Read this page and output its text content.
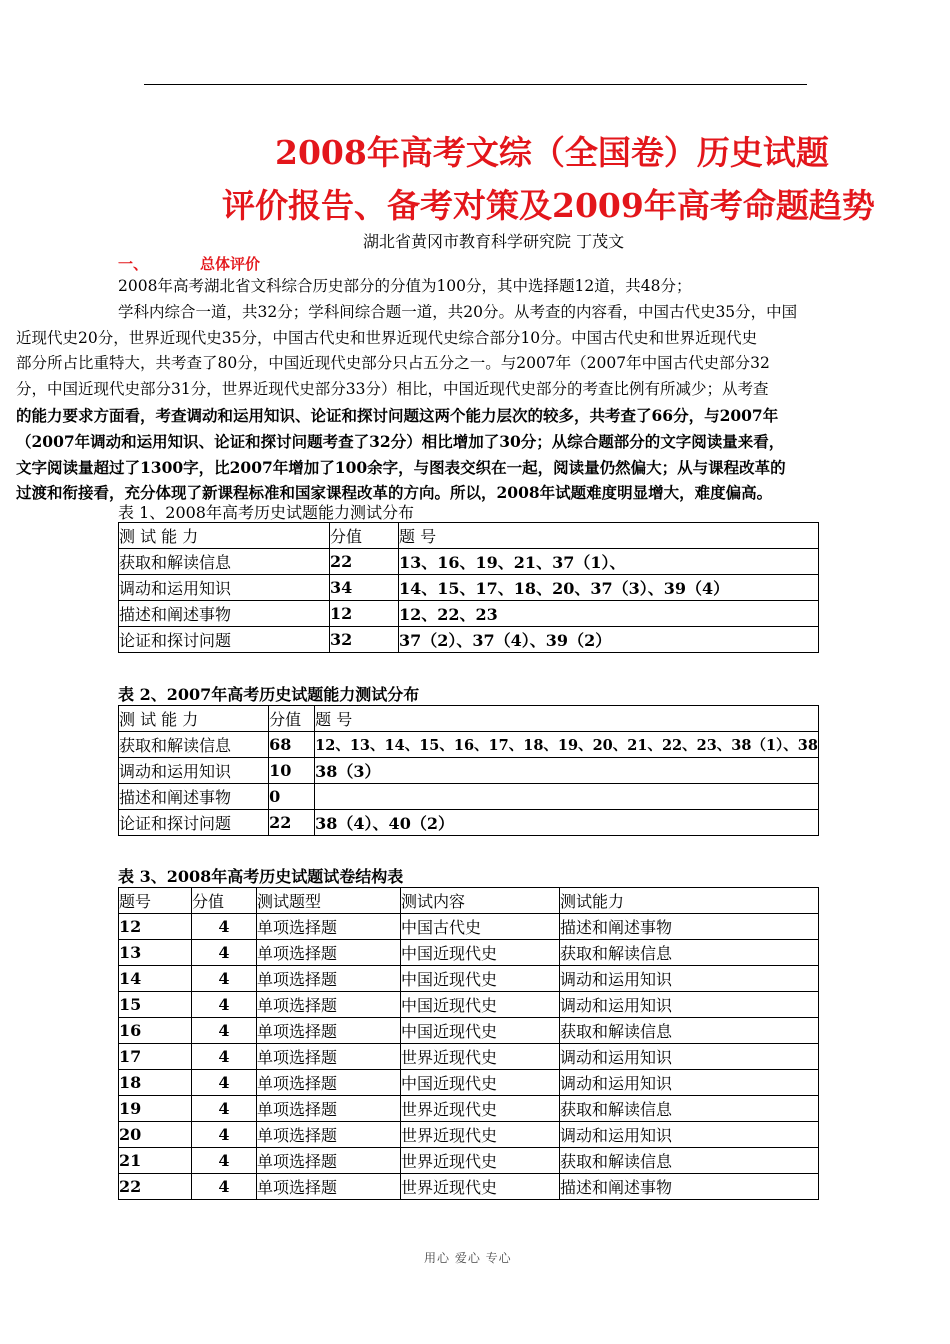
2008年高考文综（全国卷）历史试题
评价报告、备考对策及2009年高考命题趋势
湖北省黄冈市教育科学研究院 丁茂文
一、	总体评价
2008年高考湖北省文科综合历史部分的分值为100分，其中选择题12道，共48分；
学科内综合一道，共32分；学科间综合题一道，共20分。从考查的内容看，中国古代史35分，中国
近现代史20分，世界近现代史35分，中国古代史和世界近现代史综合部分10分。中国古代史和世界近现代史
部分所占比重特大，共考查了80分，中国近现代史部分只占五分之一。与2007年（2007年中国古代史部分32
分，中国近现代史部分31分，世界近现代史部分33分）相比，中国近现代史部分的考查比例有所减少；从考查
的能力要求方面看，考查调动和运用知识、论证和探讨问题这两个能力层次的较多，共考查了66分，与2007年
（2007年调动和运用知识、论证和探讨问题考查了32分）相比增加了30分；从综合题部分的文字阅读量来看，
文字阅读量超过了1300字，比2007年增加了100余字，与图表交织在一起，阅读量仍然偏大；从与课程改革的
过渡和衔接看，充分体现了新课程标准和国家课程改革的方向。所以，2008年试题难度明显增大，难度偏高。
表 1、2008年高考历史试题能力测试分布
测 试 能 力	分值	题 号
获取和解读信息	22	13、16、19、21、37（1）、
调动和运用知识	34	14、15、17、18、20、37（3）、39（4）
描述和阐述事物	12	12、22、23
论证和探讨问题	32	37（2）、37（4）、39（2）
表 2、2007年高考历史试题能力测试分布
测 试 能 力	分值	题 号
获取和解读信息	68	12、13、14、15、16、17、18、19、20、21、22、23、38（1）、38
调动和运用知识	10	38（3）
描述和阐述事物	0	
论证和探讨问题	22	38（4）、40（2）
表 3、2008年高考历史试题试卷结构表
题号	分值	测试题型	测试内容	测试能力
12	4	单项选择题	中国古代史	描述和阐述事物
13	4	单项选择题	中国近现代史	获取和解读信息
14	4	单项选择题	中国近现代史	调动和运用知识
15	4	单项选择题	中国近现代史	调动和运用知识
16	4	单项选择题	中国近现代史	获取和解读信息
17	4	单项选择题	世界近现代史	调动和运用知识
18	4	单项选择题	中国近现代史	调动和运用知识
19	4	单项选择题	世界近现代史	获取和解读信息
20	4	单项选择题	世界近现代史	调动和运用知识
21	4	单项选择题	世界近现代史	获取和解读信息
22	4	单项选择题	世界近现代史	描述和阐述事物
用心 爱心 专心
